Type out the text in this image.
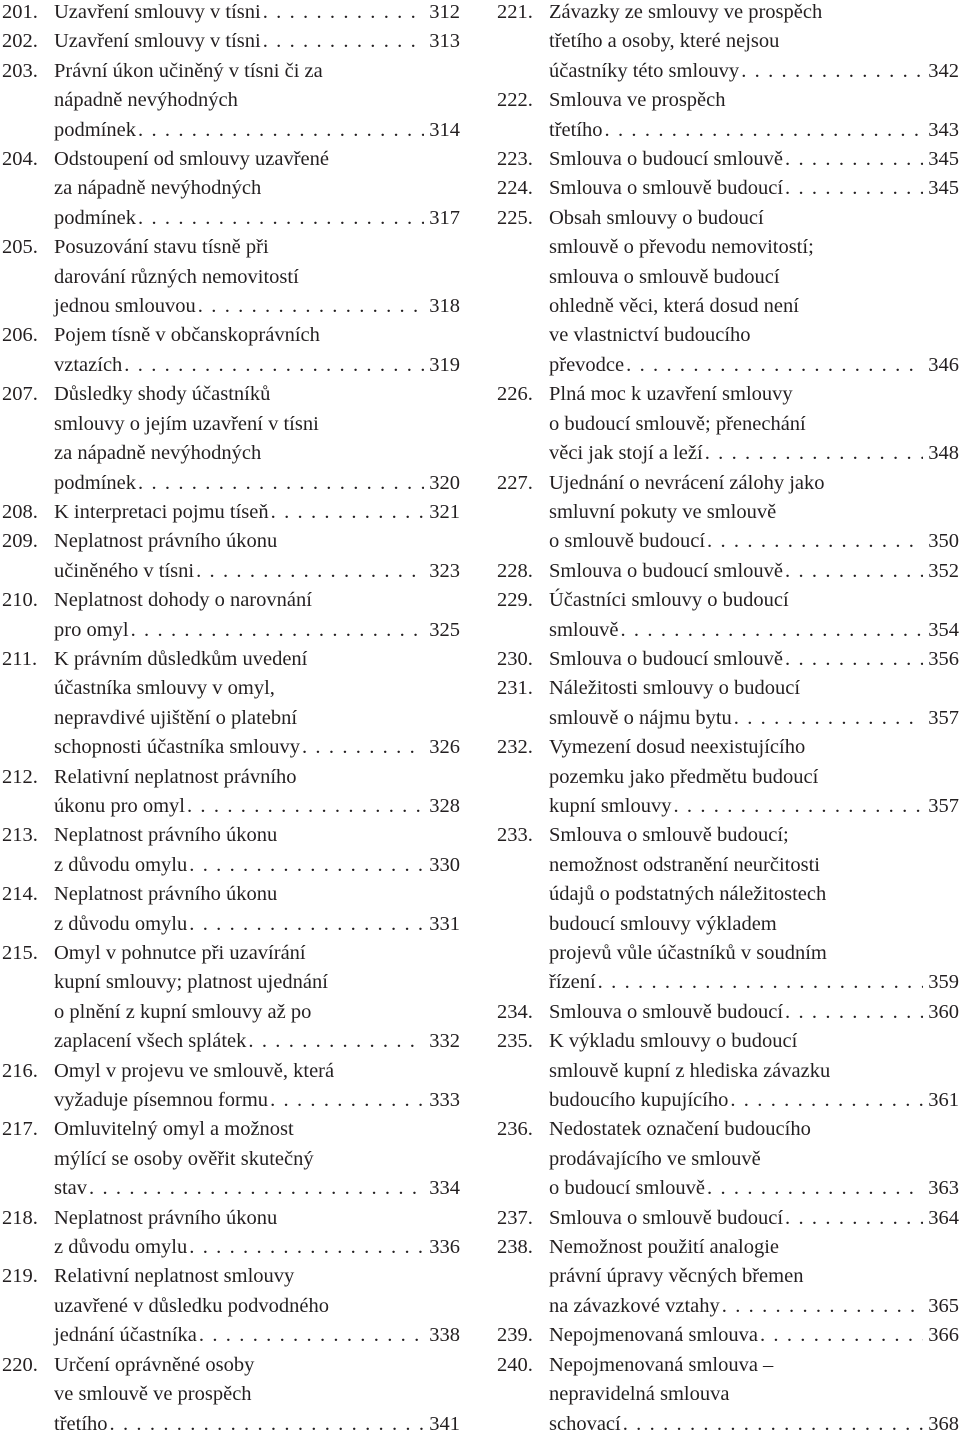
201. Uzavření smlouvy v tísni . . .	312
202. Uzavření smlouvy v tísni . . .	313
203. Právní úkon učiněný v tísni či za
nápadně nevýhodných
podmínek . . .	314
204. Odstoupení od smlouvy uzavřené
za nápadně nevýhodných
podmínek . . .	317
205. Posuzování stavu tísně při
darování různých nemovitostí
jednou smlouvou . . .	318
206. Pojem tísně v občanskoprávních
vztazích . . .	319
207. Důsledky shody účastníků
smlouvy o jejím uzavření v tísni
za nápadně nevýhodných
podmínek . . .	320
208. K interpretaci pojmu tíseň . . .	321
209. Neplatnost právního úkonu
učiněného v tísni . . .	323
210. Neplatnost dohody o narovnání
pro omyl . . .	325
211. K právním důsledkům uvedení
účastníka smlouvy v omyl,
nepravdivé ujištění o platební
schopnosti účastníka smlouvy . . .	326
212. Relativní neplatnost právního
úkonu pro omyl . . .	328
213. Neplatnost právního úkonu
z důvodu omylu . . .	330
214. Neplatnost právního úkonu
z důvodu omylu . . .	331
215. Omyl v pohnutce při uzavírání
kupní smlouvy; platnost ujednání
o plnění z kupní smlouvy až po
zaplacení všech splátek . . .	332
216. Omyl v projevu ve smlouvě, která
vyžaduje písemnou formu . . .	333
217. Omluvitelný omyl a možnost
mýlící se osoby ověřit skutečný
stav . . .	334
218. Neplatnost právního úkonu
z důvodu omylu . . .	336
219. Relativní neplatnost smlouvy
uzavřené v důsledku podvodného
jednání účastníka . . .	338
220. Určení oprávněné osoby
ve smlouvě ve prospěch
třetího . . .	341
221. Závazky ze smlouvy ve prospěch
třetího a osoby, které nejsou
účastníky této smlouvy . . .	342
222. Smlouva ve prospěch
třetího . . .	343
223. Smlouva o budoucí smlouvě . . .	345
224. Smlouva o smlouvě budoucí . . .	345
225. Obsah smlouvy o budoucí
smlouvě o převodu nemovitostí;
smlouva o smlouvě budoucí
ohledně věci, která dosud není
ve vlastnictví budoucího
převodce . . .	346
226. Plná moc k uzavření smlouvy
o budoucí smlouvě; přenechání
věci jak stojí a leží . . .	348
227. Ujednání o nevrácení zálohy jako
smluvní pokuty ve smlouvě
o smlouvě budoucí . . .	350
228. Smlouva o budoucí smlouvě . . .	352
229. Účastníci smlouvy o budoucí
smlouvě . . .	354
230. Smlouva o budoucí smlouvě . . .	356
231. Náležitosti smlouvy o budoucí
smlouvě o nájmu bytu . . .	357
232. Vymezení dosud neexistujícího
pozemku jako předmětu budoucí
kupní smlouvy . . .	357
233. Smlouva o smlouvě budoucí;
nemožnost odstranění neurčitosti
údajů o podstatných náležitostech
budoucí smlouvy výkladem
projevů vůle účastníků v soudním
řízení . . .	359
234. Smlouva o smlouvě budoucí . . .	360
235. K výkladu smlouvy o budoucí
smlouvě kupní z hlediska závazku
budoucího kupujícího . . .	361
236. Nedostatek označení budoucího
prodávajícího ve smlouvě
o budoucí smlouvě . . .	363
237. Smlouva o smlouvě budoucí . . .	364
238. Nemožnost použití analogie
právní úpravy věcných břemen
na závazkové vztahy . . .	365
239. Nepojmenovaná smlouva . . .	366
240. Nepojmenovaná smlouva –
nepravidelná smlouva
schovací . . .	368
